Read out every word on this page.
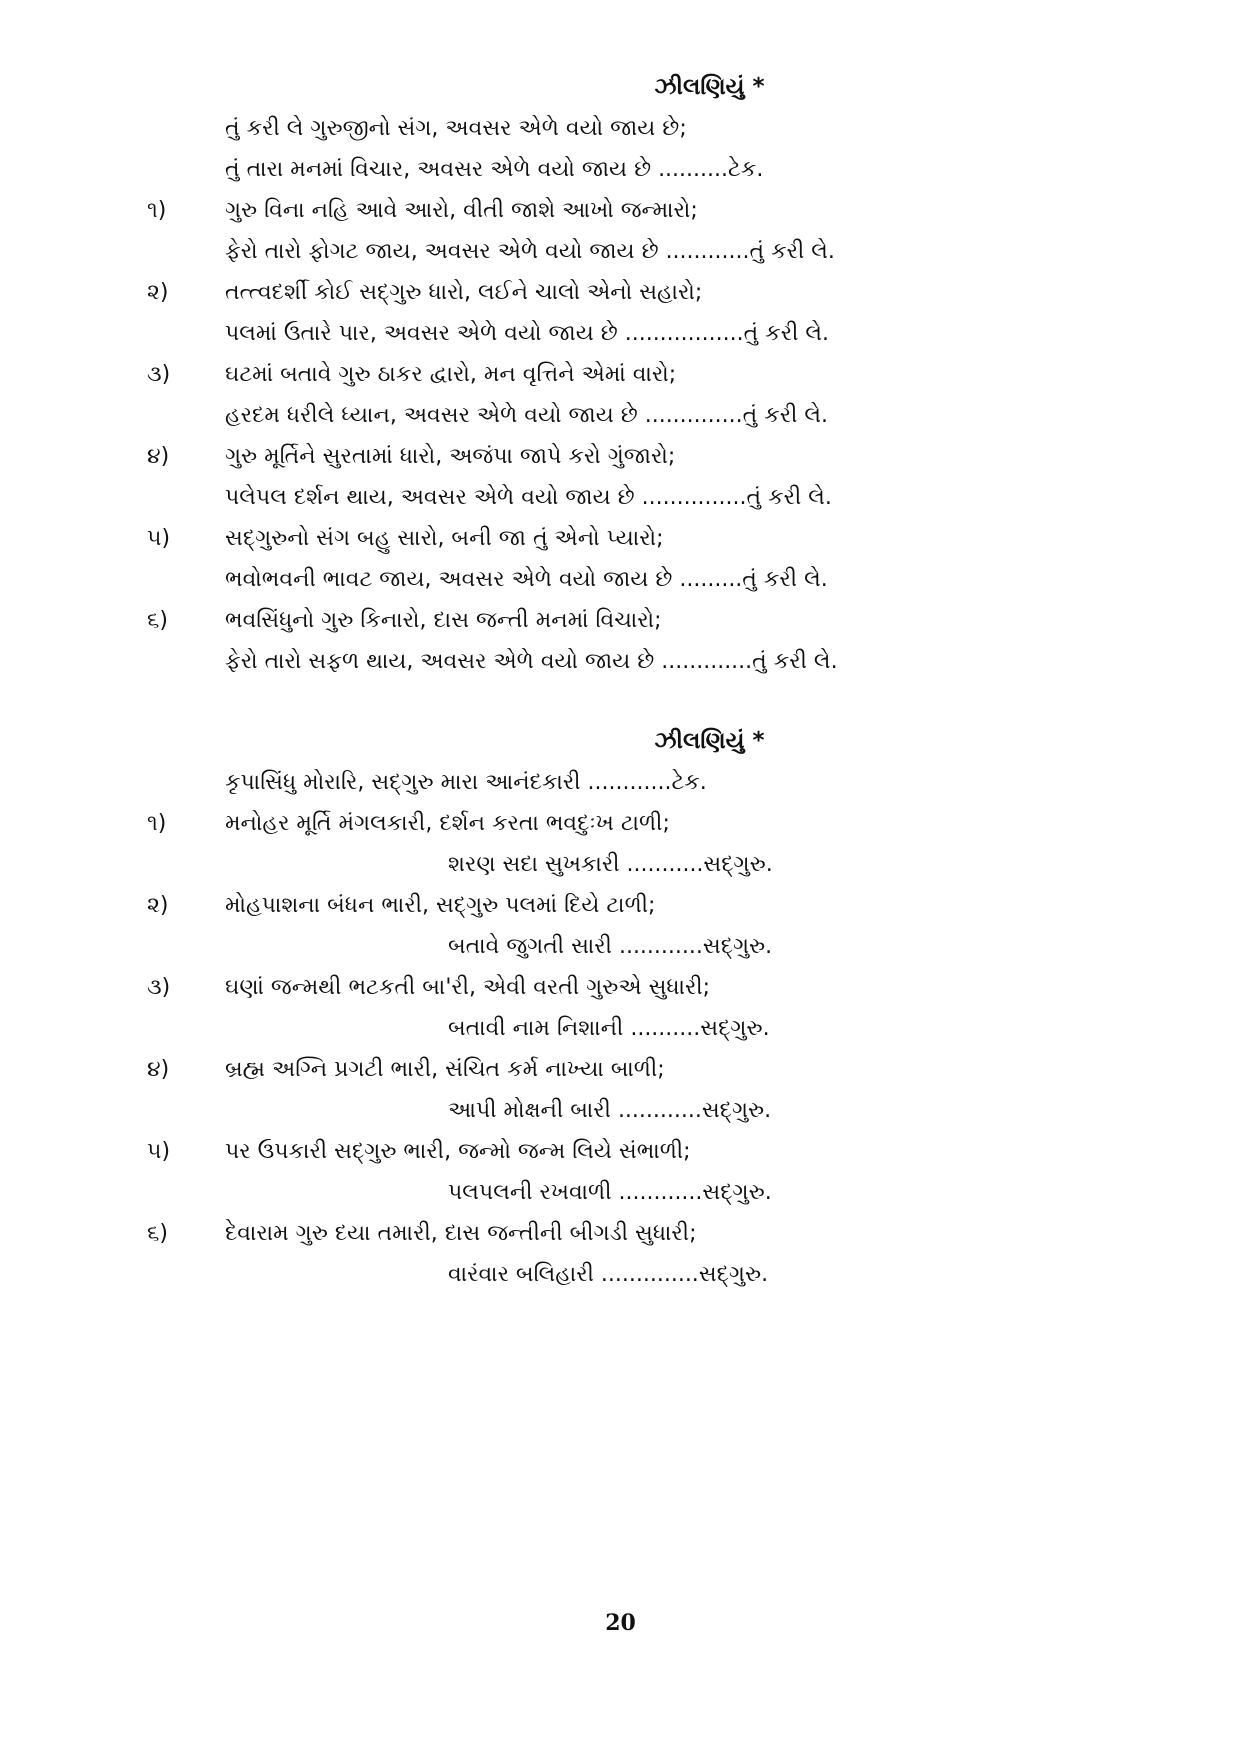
ઝીલણિયું *
તું કરી લે ગુરુજીનો સંગ, અવસર એળે વયો જાય છે;
તું તારા મનમાં વિચાર, અવસર એળે વયો જાય છે ..........ટેક.
૧)	ગુરુ વિના નહિ આવે આરો, વીતી જાશે આખો જન્મારો;
ફેરો તારો ફોગટ જાય, અવસર એળે વયો જાય છે ............તું કરી લે.
૨)	તત્ત્વદર્શી કોઈ સદ્‌ગુરુ ધારો, લઈને ચાલો એનો સહારો;
પલમાં ઉતારે પાર, અવસર એળે વયો જાય છે .................તું કરી લે.
૩) ઘટમાં બતાવે ગુરુ ઠાકર દ્વારો, મન વૃત્તિને એમાં વારો;
હરદમ ધરીલે ધ્યાન, અવસર એળે વયો જાય છે ..............તું કરી લે.
૪)	ગુરુ મૂર્તિને સુરતામાં ધારો, અજંપા જાપે કરો ગુંજારો;
પલેપલ દર્શન થાય, અવસર એળે વયો જાય છે ...............તું કરી લે.
૫) સદ્‌ગુરુનો સંગ બહુ સારો, બની જા તું એનો પ્યારો;
ભવોભવની ભાવટ જાય, અવસર એળે વયો જાય છે .........તું કરી લે.
૬)	ભવસિંધુનો ગુરુ કિનારો, દાસ જન્તી મનમાં વિચારો;
ફેરો તારો સફળ થાય, અવસર એળે વયો જાય છે .............તું કરી લે.
ઝીલણિયું *
કૃપાસિંધુ મોરારિ, સદ્‌ગુરુ મારા આનંદકારી ............ટેક.
૧)	મનોહર મૂર્તિ મંગલકારી, દર્શન કરતા ભવદુઃખ ટાળી;
શરણ સદા સુખકારી ...........સદ્‌ગુરુ.
૨)	મોહપાશના બંધન ભારી, સદ્‌ગુરુ પલમાં દિયે ટાળી;
બતાવે જુગતી સારી ............સદ્‌ગુરુ.
૩) ઘણાં જન્મથી ભટકતી બા'રી, એવી વરતી ગુરુએ સુધારી;
બતાવી નામ નિશાની ..........સદ્‌ગુરુ.
૪)	બ્રહ્મ અગ્નિ પ્રગટી ભારી, સંચિત કર્મ નાખ્યા બાળી;
આપી મોક્ષની બારી ............સદ્‌ગુરુ.
૫) પર ઉપકારી સદ્‌ગુરુ ભારી, જન્મો જન્મ લિયે સંભાળી;
પલપલની રખવાળી ............સદ્‌ગુરુ.
૬)	દેવારામ ગુરુ દયા તમારી, દાસ જન્તીની બીગડી સુધારી;
વારંવાર બલિહારી ..............સદ્‌ગુરુ.
20
